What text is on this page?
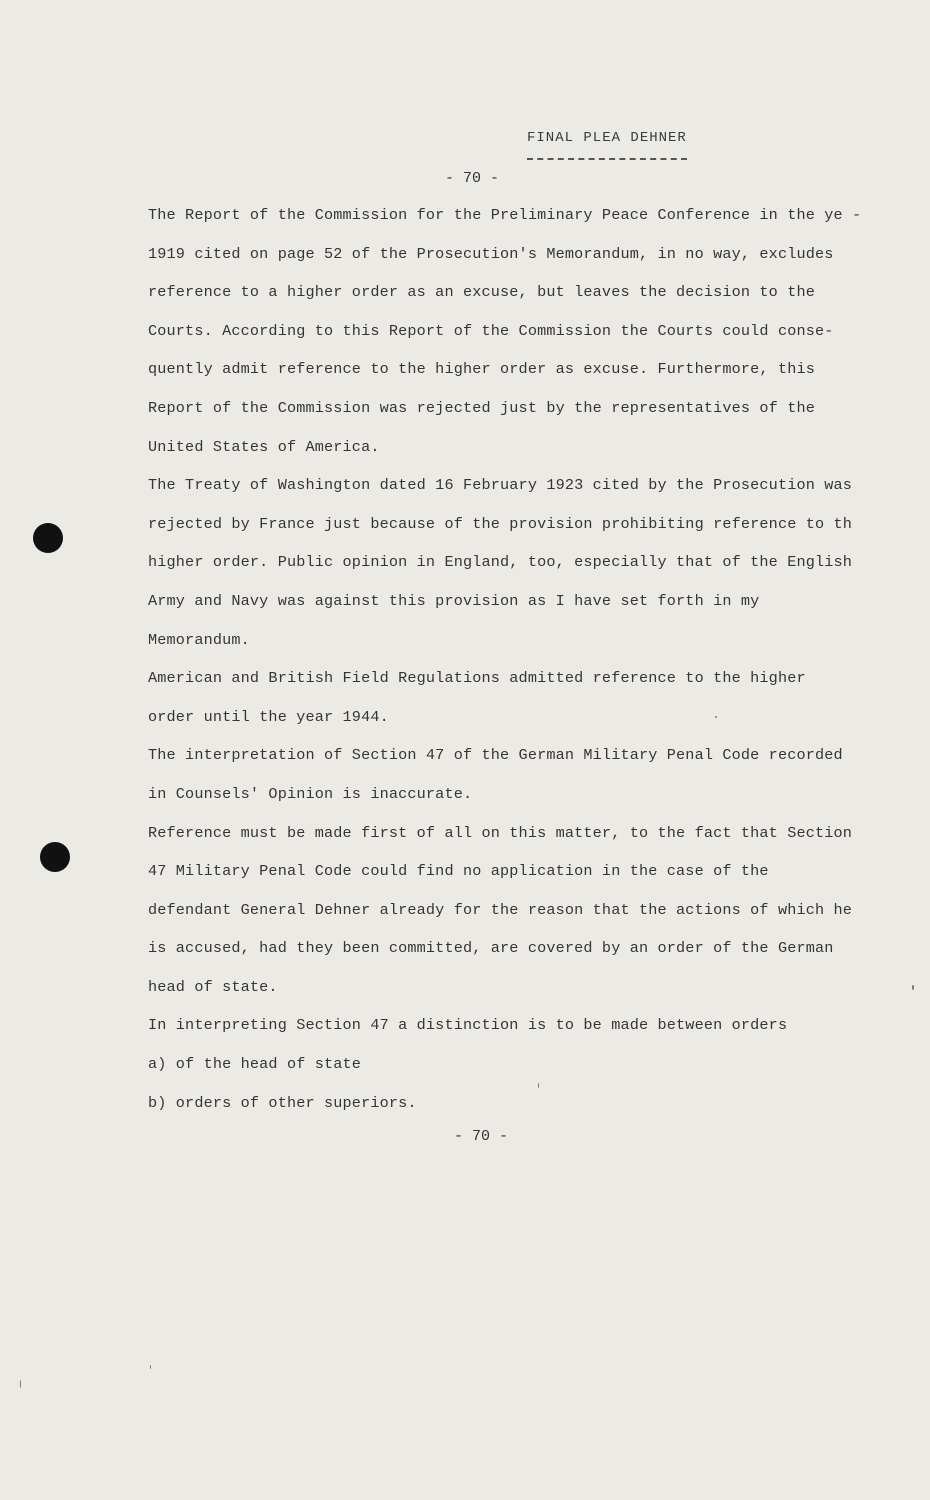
FINAL PLEA DEHNER
- 70 -
The Report of the Commission for the Preliminary Peace Conference in the ye -
1919 cited on page 52 of the Prosecution's Memorandum, in no way, excludes
reference to a higher order as an excuse, but leaves the decision to the
Courts. According to this Report of the Commission the Courts could conse-
quently admit reference to the higher order as excuse. Furthermore, this
Report of the Commission was rejected just by the representatives of the
United States of America.
The Treaty of Washington dated 16 February 1923 cited by the Prosecution was
rejected by France just because of the provision prohibiting reference to th
higher order. Public opinion in England, too, especially that of the English
Army and Navy was against this provision as I have set forth in my
Memorandum.
American and British Field Regulations admitted reference to the higher
order until the year 1944.
The interpretation of Section 47 of the German Military Penal Code recorded
in Counsels' Opinion is inaccurate.
Reference must be made first of all on this matter, to the fact that Section
47 Military Penal Code could find no application in the case of the
defendant General Dehner already for the reason that the actions of which he
is accused, had they been committed, are covered by an order of the German
head of state.
In interpreting Section 47 a distinction is to be made between orders
a) of the head of state
b) orders of other superiors.
- 70 -
